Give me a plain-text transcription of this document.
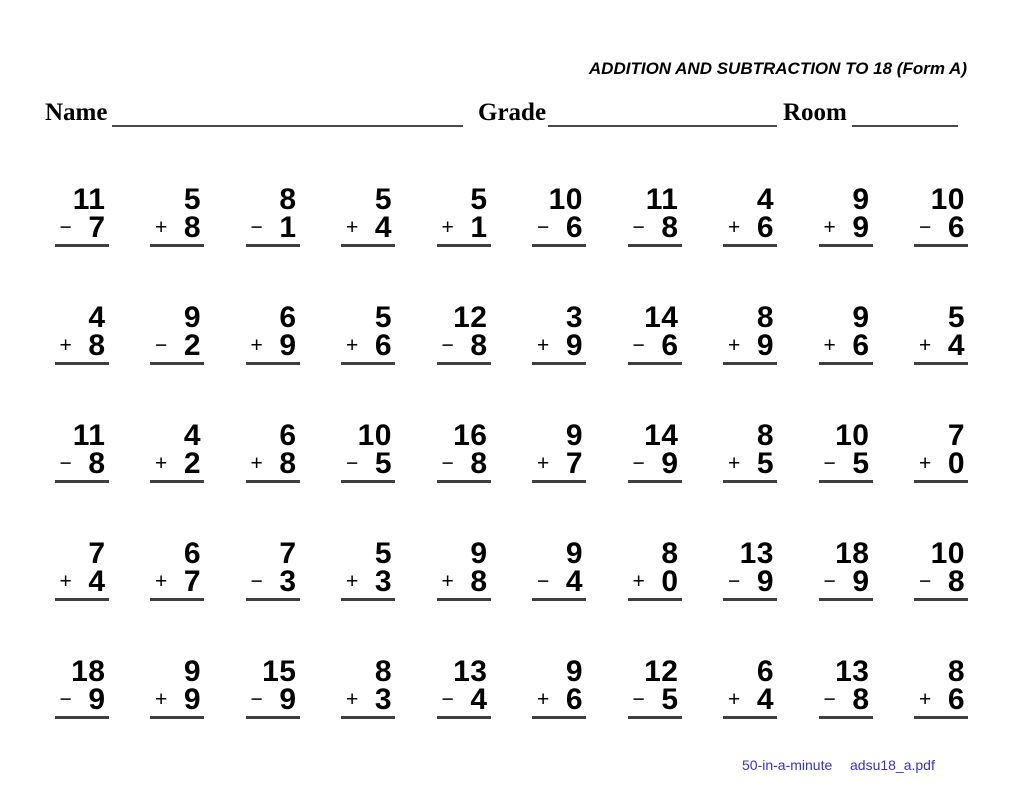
ADDITION AND SUBTRACTION TO 18 (Form A)
Name	Grade	Room
11
− 7
5
+ 8
8
− 1
5
+ 4
5
+ 1
10
− 6
11
− 8
4
+ 6
9
+ 9
10
− 6
4
+ 8
9
− 2
6
+ 9
5
+ 6
12
− 8
3
+ 9
14
− 6
8
+ 9
9
+ 6
5
+ 4
11
− 8
4
+ 2
6
+ 8
10
− 5
16
− 8
9
+ 7
14
− 9
8
+ 5
10
− 5
7
+ 0
7
+ 4
6
+ 7
7
− 3
5
+ 3
9
+ 8
9
− 4
8
+ 0
13
− 9
18
− 9
10
− 8
18
− 9
9
+ 9
15
− 9
8
+ 3
13
− 4
9
+ 6
12
− 5
6
+ 4
13
− 8
8
+ 6
50-in-a-minute adsu18_a.pdf
